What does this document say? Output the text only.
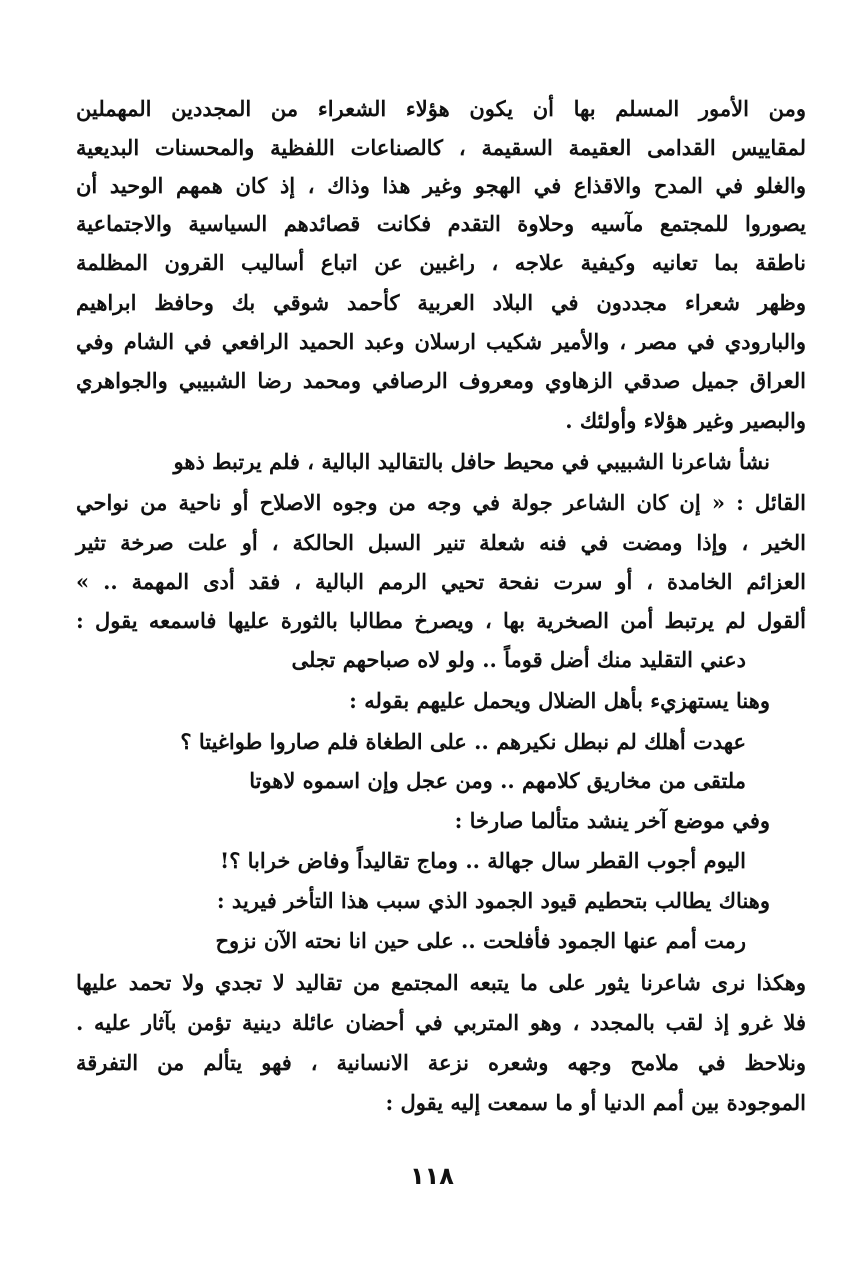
ومن الأمور المسلم بها أن يكون هؤلاء الشعراء من المجددين المهملين
لمقاييس القدامى العقيمة السقيمة ، كالصناعات اللفظية والمحسنات البديعية
والغلو في المدح والاقذاع في الهجو وغير هذا وذاك ، إذ كان همهم الوحيد أن
يصوروا للمجتمع مآسيه وحلاوة التقدم فكانت قصائدهم السياسية والاجتماعية
ناطقة بما تعانيه وكيفية علاجه ، راغبين عن اتباع أساليب القرون المظلمة
وظهر شعراء مجددون في البلاد العربية كأحمد شوقي بك وحافظ ابراهيم
والبارودي في مصر ، والأمير شكيب ارسلان وعبد الحميد الرافعي في الشام وفي
العراق جميل صدقي الزهاوي ومعروف الرصافي ومحمد رضا الشبيبي والجواهري
والبصير وغير هؤلاء وأولئك .
نشأ شاعرنا الشبيبي في محيط حافل بالتقاليد البالية ، فلم يرتبط ذهو
القائل : « إن كان الشاعر جولة في وجه من وجوه الاصلاح أو ناحية من نواحي
الخير ، وإذا ومضت في فنه شعلة تنير السبل الحالكة ، أو علت صرخة تثير
العزائم الخامدة ، أو سرت نفحة تحيي الرمم البالية ، فقد أدى المهمة .. »
ألقول لم يرتبط أمن الصخرية بها ، ويصرخ مطالبا بالثورة عليها فاسمعه يقول :
دعني التقليد منك أضل قوماً .. ولو لاه صباحهم تجلى
وهنا يستهزيء بأهل الضلال ويحمل عليهم بقوله :
عهدت أهلك لم نبطل نكيرهم .. على الطغاة فلم صاروا طواغيتا ؟
ملتقى من مخاريق كلامهم .. ومن عجل وإن اسموه لاهوتا
وفي موضع آخر ينشد متألما صارخا :
اليوم أجوب القطر سال جهالة .. وماج تقاليداً وفاض خرابا ؟!
وهناك يطالب بتحطيم قيود الجمود الذي سبب هذا التأخر فيريد :
رمت أمم عنها الجمود فأفلحت .. على حين انا نحته الآن نزوح
وهكذا نرى شاعرنا يثور على ما يتبعه المجتمع من تقاليد لا تجدي ولا تحمد عليها
فلا غرو إذ لقب بالمجدد ، وهو المتربي في أحضان عائلة دينية تؤمن بآثار عليه .
ونلاحظ في ملامح وجهه وشعره نزعة الانسانية ، فهو يتألم من التفرقة
الموجودة بين أمم الدنيا أو ما سمعت إليه يقول :
١١٨
